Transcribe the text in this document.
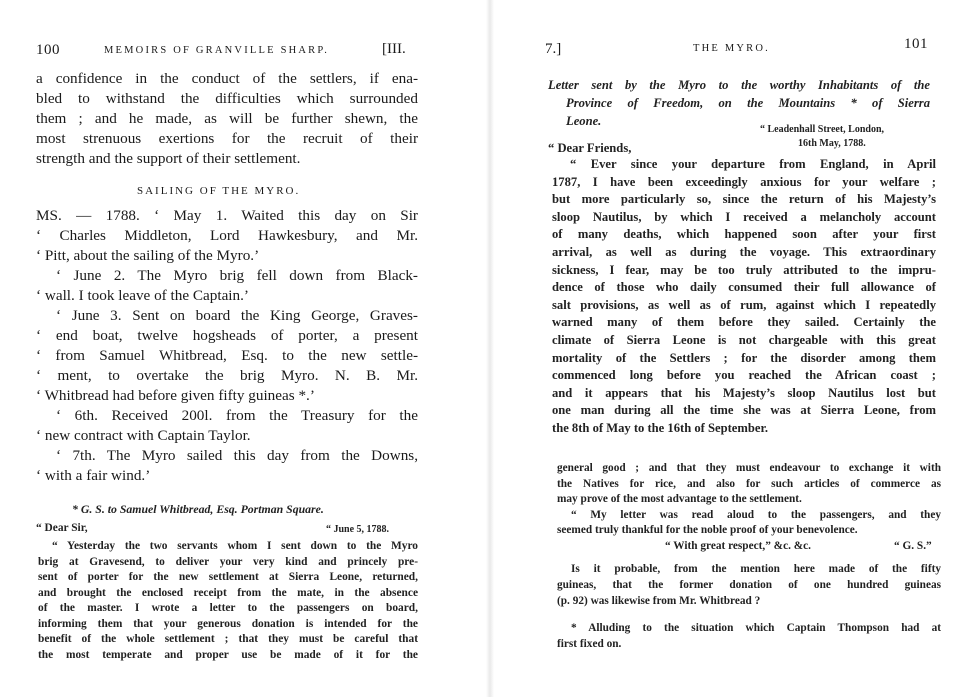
100	MEMOIRS OF GRANVILLE SHARP.	[III.

a confidence in the conduct of the settlers, if ena-
bled to withstand the difficulties which surrounded
them ; and he made, as will be further shewn, the
most strenuous exertions for the recruit of their
strength and the support of their settlement.

SAILING OF THE MYRO.

MS. — 1788. ‘ May 1. Waited this day on Sir
‘ Charles Middleton, Lord Hawkesbury, and Mr.
‘ Pitt, about the sailing of the Myro.’
‘ June 2. The Myro brig fell down from Black-
‘ wall. I took leave of the Captain.’
‘ June 3. Sent on board the King George, Graves-
‘ end boat, twelve hogsheads of porter, a present
‘ from Samuel Whitbread, Esq. to the new settle-
‘ ment, to overtake the brig Myro. N. B. Mr.
‘ Whitbread had before given fifty guineas *.’
‘ 6th. Received 200l. from the Treasury for the
‘ new contract with Captain Taylor.
‘ 7th. The Myro sailed this day from the Downs,
‘ with a fair wind.’

* G. S. to Samuel Whitbread, Esq. Portman Square.

“ Dear Sir,	“ June 5, 1788.

“ Yesterday the two servants whom I sent down to the Myro
brig at Gravesend, to deliver your very kind and princely pre-
sent of porter for the new settlement at Sierra Leone, returned,
and brought the enclosed receipt from the mate, in the absence
of the master. I wrote a letter to the passengers on board,
informing them that your generous donation is intended for the
benefit of the whole settlement ; that they must be careful that
the most temperate and proper use be made of it for the

7.]	THE MYRO.	101

Letter sent by the Myro to the worthy Inhabitants of the
Province of Freedom, on the Mountains * of Sierra
Leone.

“ Leadenhall Street, London,

16th May, 1788.

“ Dear Friends,

“ Ever since your departure from England, in April
1787, I have been exceedingly anxious for your welfare ;
but more particularly so, since the return of his Majesty’s
sloop Nautilus, by which I received a melancholy account
of many deaths, which happened soon after your first
arrival, as well as during the voyage. This extraordinary
sickness, I fear, may be too truly attributed to the impru-
dence of those who daily consumed their full allowance of
salt provisions, as well as of rum, against which I repeatedly
warned many of them before they sailed. Certainly the
climate of Sierra Leone is not chargeable with this great
mortality of the Settlers ; for the disorder among them
commenced long before you reached the African coast ;
and it appears that his Majesty’s sloop Nautilus lost but
one man during all the time she was at Sierra Leone, from
the 8th of May to the 16th of September.
general good ; and that they must endeavour to exchange it with
the Natives for rice, and also for such articles of commerce as
may prove of the most advantage to the settlement.
“ My letter was read aloud to the passengers, and they
seemed truly thankful for the noble proof of your benevolence.
“ With great respect,” &c. &c.	“ G. S.”
Is it probable, from the mention here made of the fifty
guineas, that the former donation of one hundred guineas
(p. 92) was likewise from Mr. Whitbread ?
* Alluding to the situation which Captain Thompson had at
first fixed on.
